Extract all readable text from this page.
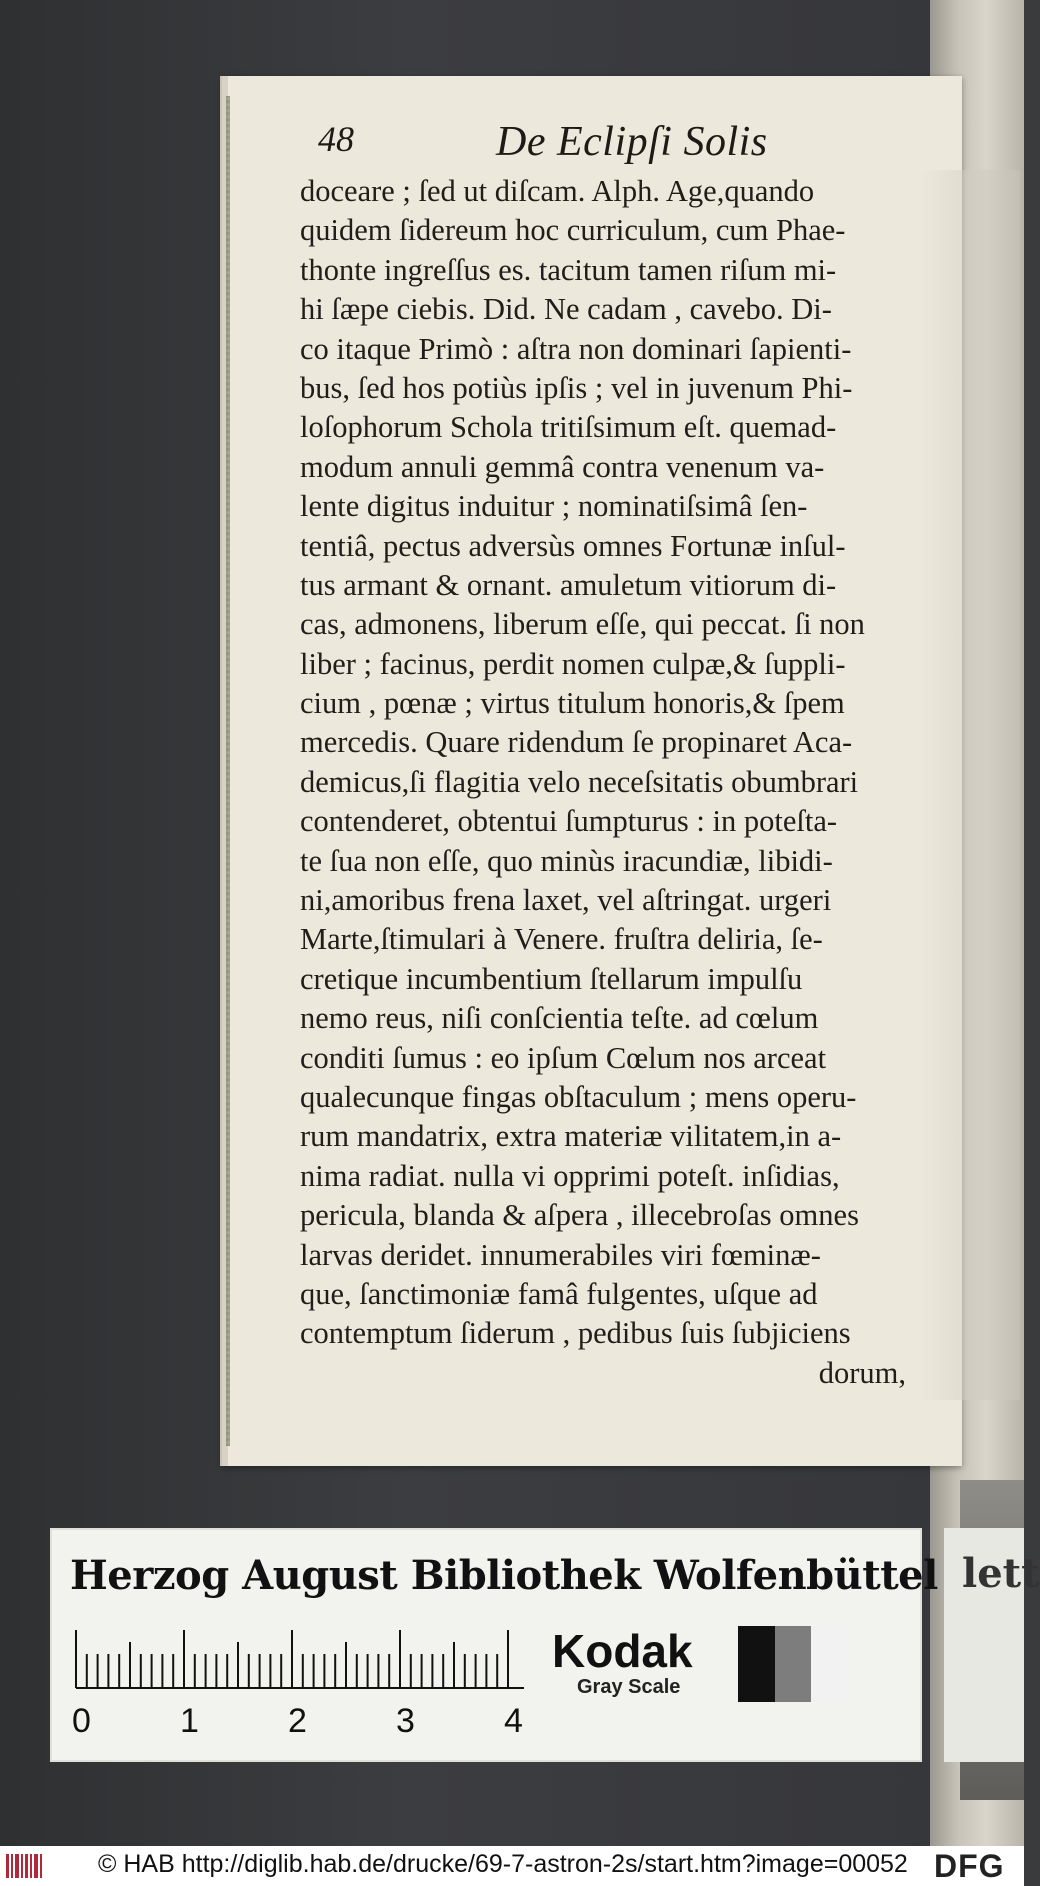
48	De Eclipſi Solis
doceare ; ſed ut diſcam. Alph. Age,quando
quidem ſidereum hoc curriculum, cum Phae-
thonte ingreſſus es. tacitum tamen riſum mi-
hi ſæpe ciebis. Did. Ne cadam , cavebo. Di-
co itaque Primò : aſtra non dominari ſapienti-
bus, ſed hos potiùs ipſis ; vel in juvenum Phi-
loſophorum Schola tritiſsimum eſt. quemad-
modum annuli gemmâ contra venenum va-
lente digitus induitur ; nominatiſsimâ ſen-
tentiâ, pectus adversùs omnes Fortunæ inſul-
tus armant & ornant. amuletum vitiorum di-
cas, admonens, liberum eſſe, qui peccat. ſi non
liber ; facinus, perdit nomen culpæ,& ſuppli-
cium , pœnæ ; virtus titulum honoris,& ſpem
mercedis. Quare ridendum ſe propinaret Aca-
demicus,ſi flagitia velo neceſsitatis obumbrari
contenderet, obtentui ſumpturus : in poteſta-
te ſua non eſſe, quo minùs iracundiæ, libidi-
ni,amoribus frena laxet, vel aſtringat. urgeri
Marte,ſtimulari à Venere. fruſtra deliria, ſe-
cretique incumbentium ſtellarum impulſu
nemo reus, niſi conſcientia teſte. ad cœlum
conditi ſumus : eo ipſum Cœlum nos arceat
qualecunque fingas obſtaculum ; mens operu-
rum mandatrix, extra materiæ vilitatem,in a-
nima radiat. nulla vi opprimi poteſt. inſidias,
pericula, blanda & aſpera , illecebroſas omnes
larvas deridet. innumerabiles viri fœminæ-
que, ſanctimoniæ famâ fulgentes, uſque ad
contemptum ſiderum , pedibus ſuis ſubjiciens
dorum,
Herzog August Bibliothek Wolfenbüttel
0	1	2	3	4
Kodak
Gray Scale
lett
© HAB http://diglib.hab.de/drucke/69-7-astron-2s/start.htm?image=00052 DFG
